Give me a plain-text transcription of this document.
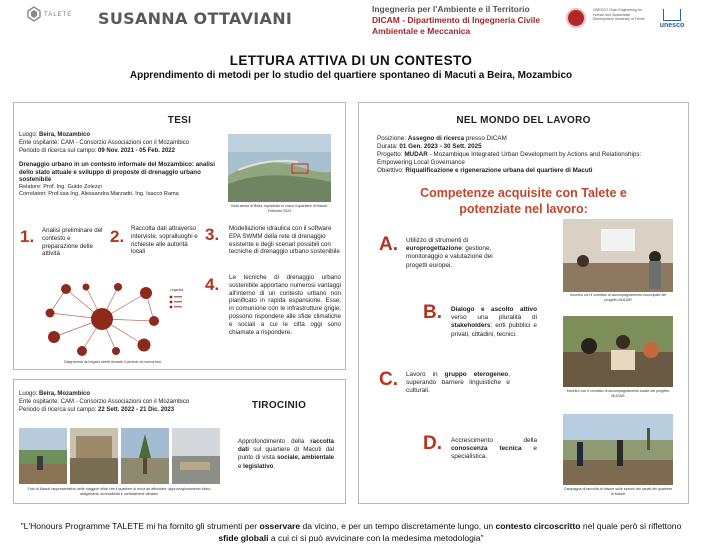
TALETE SUSANNA OTTAVIANI	Ingegneria per l'Ambiente e il Territorio
DICAM - Dipartimento di Ingegneria Civile
Ambientale e Meccanica
UNESCO Chair Engineering for Human and Sustainable Development University of Trento
unesco
LETTURA ATTIVA DI UN CONTESTO
Apprendimento di metodi per lo studio del quartiere spontaneo di Macuti a Beira, Mozambico
TESI
Luogo: Beira, Mozambico
Ente ospitante: CAM - Consorzio Associazioni con il Mozambico
Periodo di ricerca sul campo: 09 Nov. 2021 - 05 Feb. 2022
Drenaggio urbano in un contesto informale del Mozambico: analisi dello stato attuale e sviluppo di proposte di drenaggio urbano sostenibile
Relatore: Prof. Ing. Guido Zolezzi
Correlatori: Prof.ssa Ing. Alessandra Marzadri, Ing. Isacco Rama
Vista aerea di Beira, riquadrato in rosso il quartiere di Macuti. Febbraio 2022
1. Analisi preliminare del contesto e preparazione delle attività
2. Raccolta dati attraverso interviste, sopralluoghi e richieste alle autorità locali
3. Modellazione idraulica con il software EPA SWMM della rete di drenaggio esistente e degli scenari possibili con tecniche di drenaggio urbano sostenibile
4. Le tecniche di drenaggio urbano sostenibile apportano numerosi vantaggi all'interno di un contesto urbano non pianificato in rapida espansione. Esse, in comunione con le infrastrutture grigie, possono rispondere alle sfide climatiche e sociali a cui le città oggi sono chiamate a rispondere.
Legenda
Diagramma dei legami stretti durante il periodo di ricerca tesi.
Luogo: Beira, Mozambico
Ente ospitante: CAM - Consorzio Associazioni con il Mozambico
Periodo di ricerca sul campo: 22 Sett. 2022 - 21 Dic. 2023	TIROCINIO
Foto di Macuti rappresentative delle maggiori sfide che il quartiere si trova ad affrontare: approvvigionamento idrico, allagamenti, accessibilità e cambiamenti climatici.
Approfondimento della raccolta dati sul quartiere di Macuti dal punto di vista sociale, ambientale e legislativo.
NEL MONDO DEL LAVORO
Posizione: Assegno di ricerca presso DICAM
Durata: 01 Gen. 2023 - 30 Sett. 2025
Progetto: MUDAR - Mozambique Integrated Urban Development by Actions and Relationships: Empowering Local Governance
Obiettivo: Riqualificazione e rigenerazione urbana del quartiere di Macuti
Competenze acquisite con Talete e
potenziate nel lavoro:
A. Utilizzo di strumenti di europrogettazione: gestione, monitoraggio e valutazione dei progetti europei.
Incontro con il comitato di accompagnamento municipale del progetto MUDAR
B. Dialogo e ascolto attivo verso una pluralità di stakeholders: enti pubblici e privati, cittadini, tecnici.
Incontro con il comitato di accompagnamento locale del progetto MUDAR
C. Lavoro in gruppo eterogeneo, superando barriere linguistiche e culturali.
D. Accrescimento della conoscenza tecnica e specialistica.
Campagna di raccolta di misure sulle sezioni dei canali del quartiere di Macuti
"L'Honours Programme TALETE mi ha fornito gli strumenti per osservare da vicino, e per un tempo discretamente lungo, un contesto circoscritto nel quale però si riflettono sfide globali a cui ci si può avvicinare con la medesima metodologia"
